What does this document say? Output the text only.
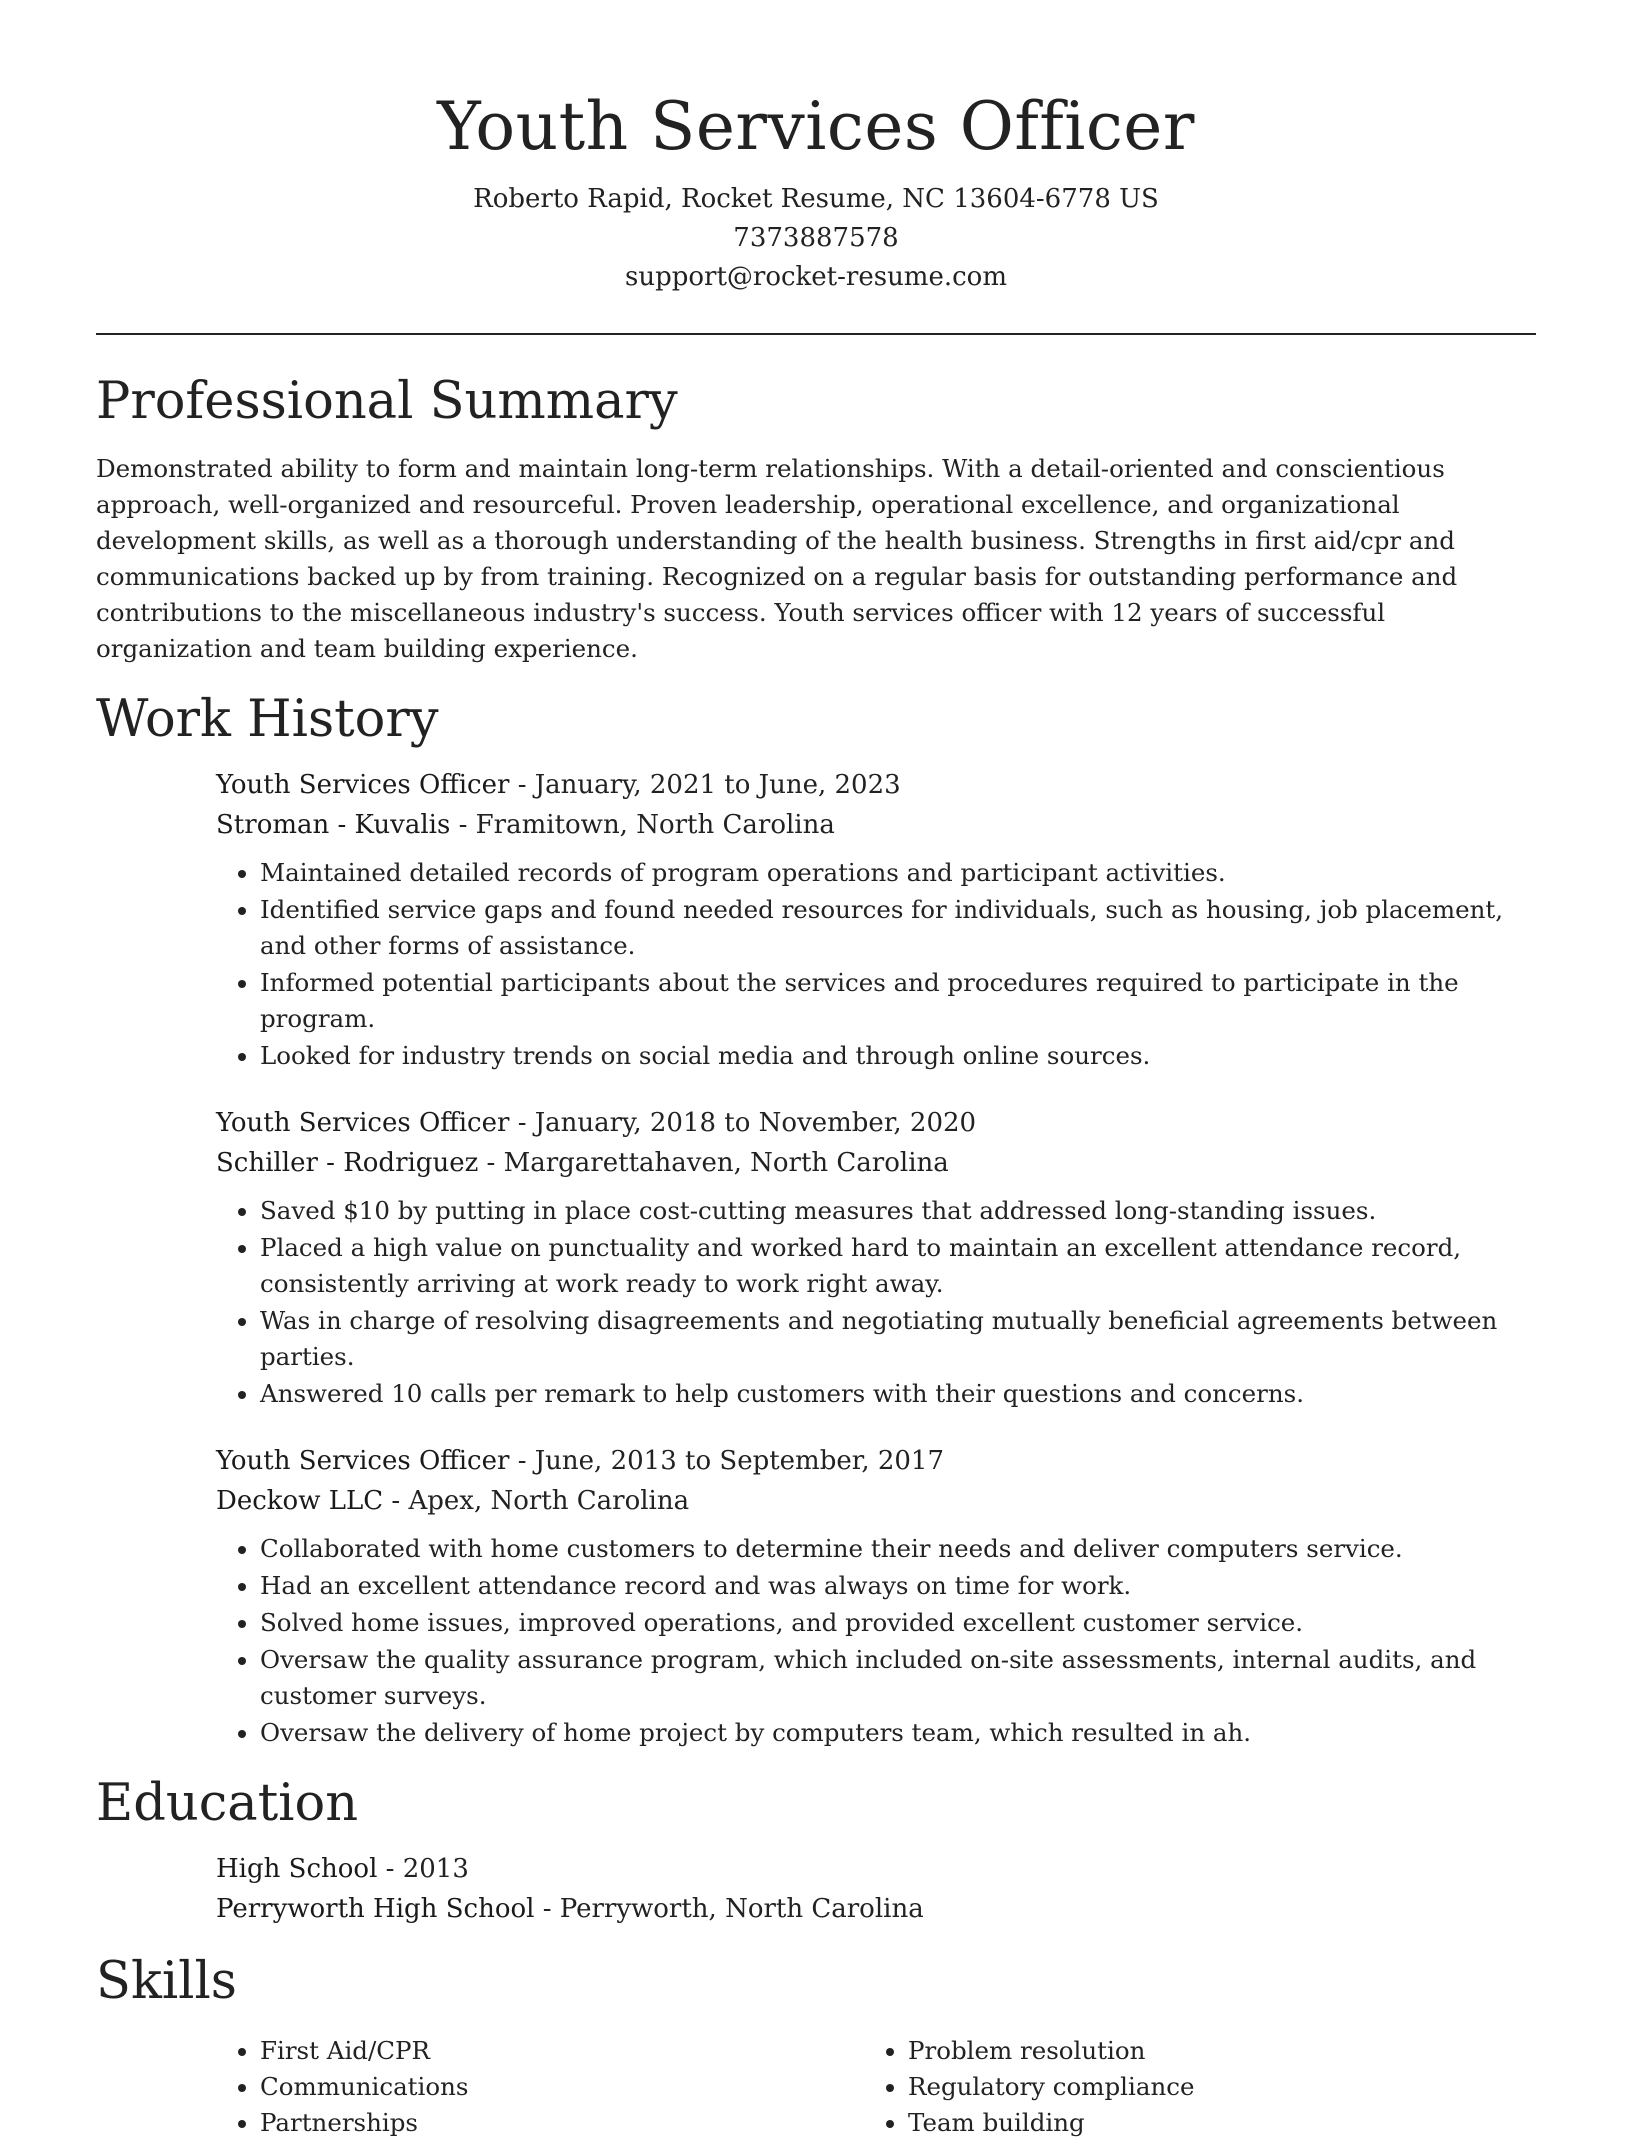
Youth Services Officer
Roberto Rapid, Rocket Resume, NC 13604-6778 US
7373887578
support@rocket-resume.com
Professional Summary

Demonstrated ability to form and maintain long-term relationships. With a detail-oriented and conscientious approach, well-organized and resourceful. Proven leadership, operational excellence, and organizational development skills, as well as a thorough understanding of the health business. Strengths in first aid/cpr and communications backed up by from training. Recognized on a regular basis for outstanding performance and contributions to the miscellaneous industry's success. Youth services officer with 12 years of successful organization and team building experience.

Work History
Youth Services Officer - January, 2021 to June, 2023
Stroman - Kuvalis - Framitown, North Carolina
• Maintained detailed records of program operations and participant activities.
• Identified service gaps and found needed resources for individuals, such as housing, job placement, and other forms of assistance.
• Informed potential participants about the services and procedures required to participate in the program.
• Looked for industry trends on social media and through online sources.
Youth Services Officer - January, 2018 to November, 2020
Schiller - Rodriguez - Margarettahaven, North Carolina
• Saved $10 by putting in place cost-cutting measures that addressed long-standing issues.
• Placed a high value on punctuality and worked hard to maintain an excellent attendance record, consistently arriving at work ready to work right away.
• Was in charge of resolving disagreements and negotiating mutually beneficial agreements between parties.
• Answered 10 calls per remark to help customers with their questions and concerns.
Youth Services Officer - June, 2013 to September, 2017
Deckow LLC - Apex, North Carolina
• Collaborated with home customers to determine their needs and deliver computers service.
• Had an excellent attendance record and was always on time for work.
• Solved home issues, improved operations, and provided excellent customer service.
• Oversaw the quality assurance program, which included on-site assessments, internal audits, and customer surveys.
• Oversaw the delivery of home project by computers team, which resulted in ah.
Education
High School - 2013
Perryworth High School - Perryworth, North Carolina
Skills
• First Aid/CPR
• Communications
• Partnerships
• Problem resolution
• Regulatory compliance
• Team building
